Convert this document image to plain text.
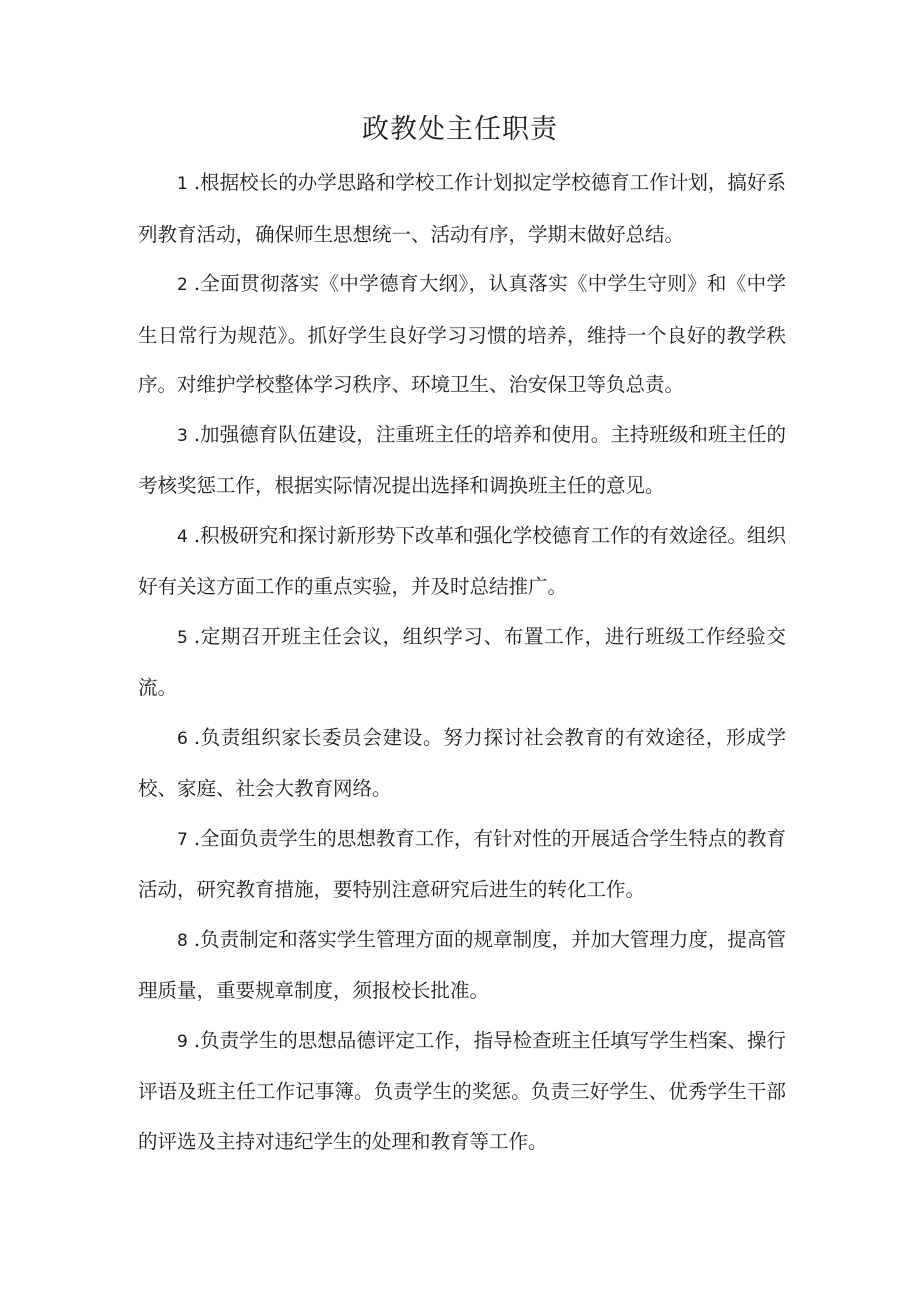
政教处主任职责

1 .根据校长的办学思路和学校工作计划拟定学校德育工作计划，搞好系列教育活动，确保师生思想统一、活动有序，学期末做好总结。

2 .全面贯彻落实《中学德育大纲》，认真落实《中学生守则》和《中学生日常行为规范》。抓好学生良好学习习惯的培养，维持一个良好的教学秩序。对维护学校整体学习秩序、环境卫生、治安保卫等负总责。

3 .加强德育队伍建设，注重班主任的培养和使用。主持班级和班主任的考核奖惩工作，根据实际情况提出选择和调换班主任的意见。

4 .积极研究和探讨新形势下改革和强化学校德育工作的有效途径。组织好有关这方面工作的重点实验，并及时总结推广。

5 .定期召开班主任会议，组织学习、布置工作，进行班级工作经验交流。

6 .负责组织家长委员会建设。努力探讨社会教育的有效途径，形成学校、家庭、社会大教育网络。

7 .全面负责学生的思想教育工作，有针对性的开展适合学生特点的教育活动，研究教育措施，要特别注意研究后进生的转化工作。

8 .负责制定和落实学生管理方面的规章制度，并加大管理力度，提高管理质量，重要规章制度，须报校长批准。

9 .负责学生的思想品德评定工作，指导检查班主任填写学生档案、操行评语及班主任工作记事簿。负责学生的奖惩。负责三好学生、优秀学生干部的评选及主持对违纪学生的处理和教育等工作。
